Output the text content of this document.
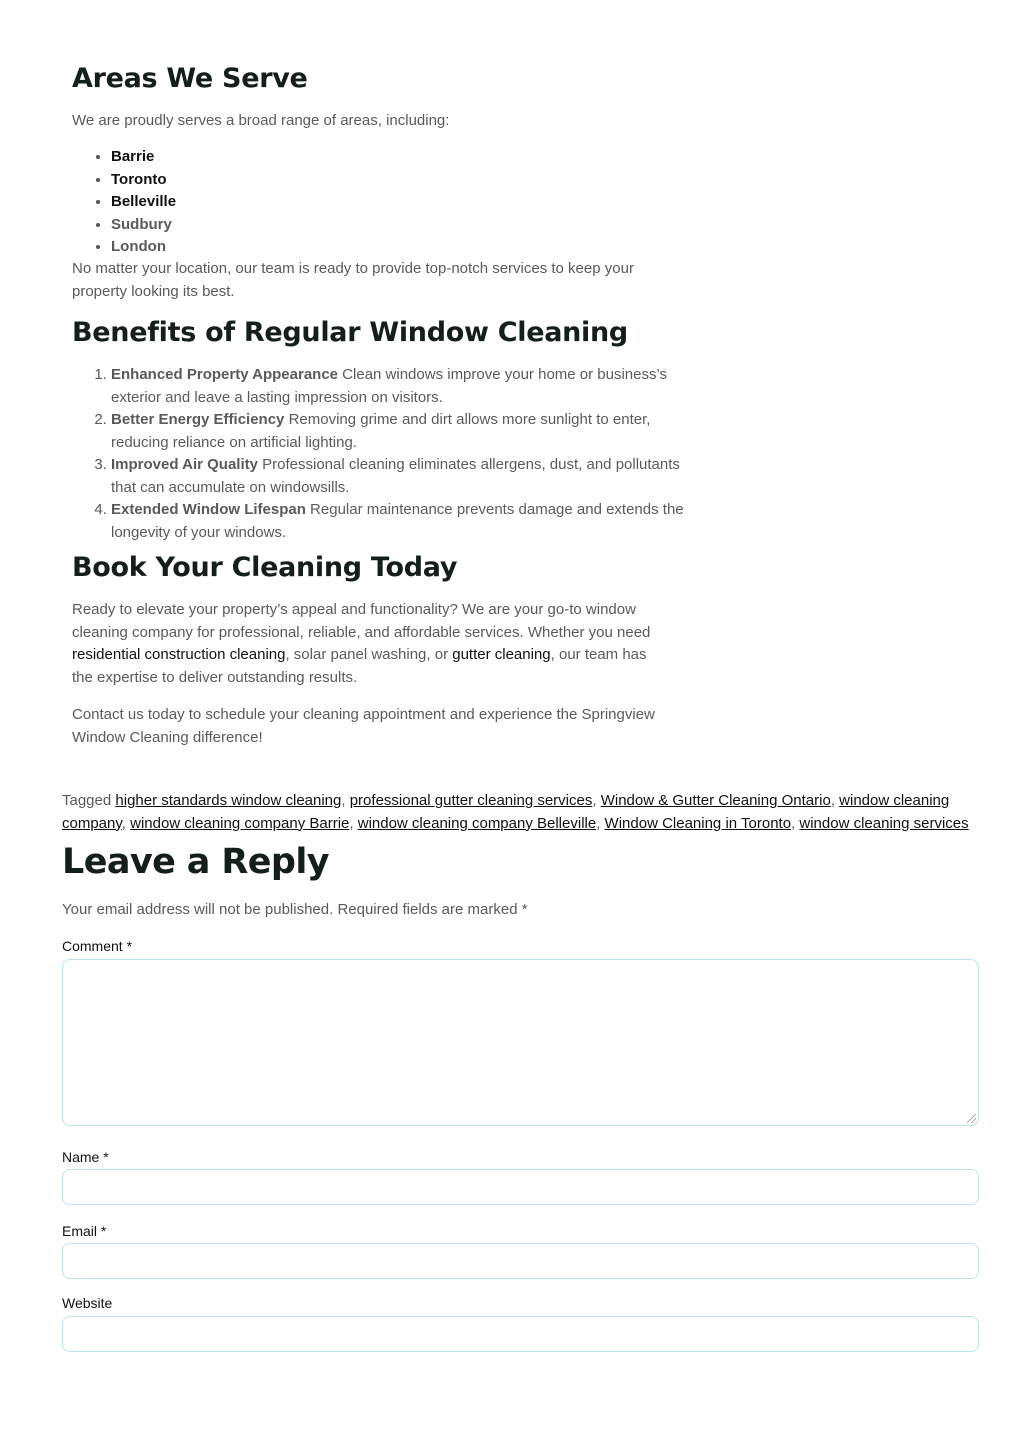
Areas We Serve

We are proudly serves a broad range of areas, including:

• Barrie
• Toronto
• Belleville
• Sudbury
• London

No matter your location, our team is ready to provide top-notch services to keep your property looking its best.

Benefits of Regular Window Cleaning
1. Enhanced Property Appearance Clean windows improve your home or business’s exterior and leave a lasting impression on visitors.
2. Better Energy Efficiency Removing grime and dirt allows more sunlight to enter, reducing reliance on artificial lighting.
3. Improved Air Quality Professional cleaning eliminates allergens, dust, and pollutants that can accumulate on windowsills.
4. Extended Window Lifespan Regular maintenance prevents damage and extends the longevity of your windows.
Book Your Cleaning Today

Ready to elevate your property’s appeal and functionality? We are your go-to window cleaning company for professional, reliable, and affordable services. Whether you need residential construction cleaning, solar panel washing, or gutter cleaning, our team has the expertise to deliver outstanding results.

Contact us today to schedule your cleaning appointment and experience the Springview Window Cleaning difference!

Tagged higher standards window cleaning, professional gutter cleaning services, Window & Gutter Cleaning Ontario, window cleaning company, window cleaning company Barrie, window cleaning company Belleville, Window Cleaning in Toronto, window cleaning services
Leave a Reply

Your email address will not be published. Required fields are marked *

Comment *
Name *
Email *
Website
